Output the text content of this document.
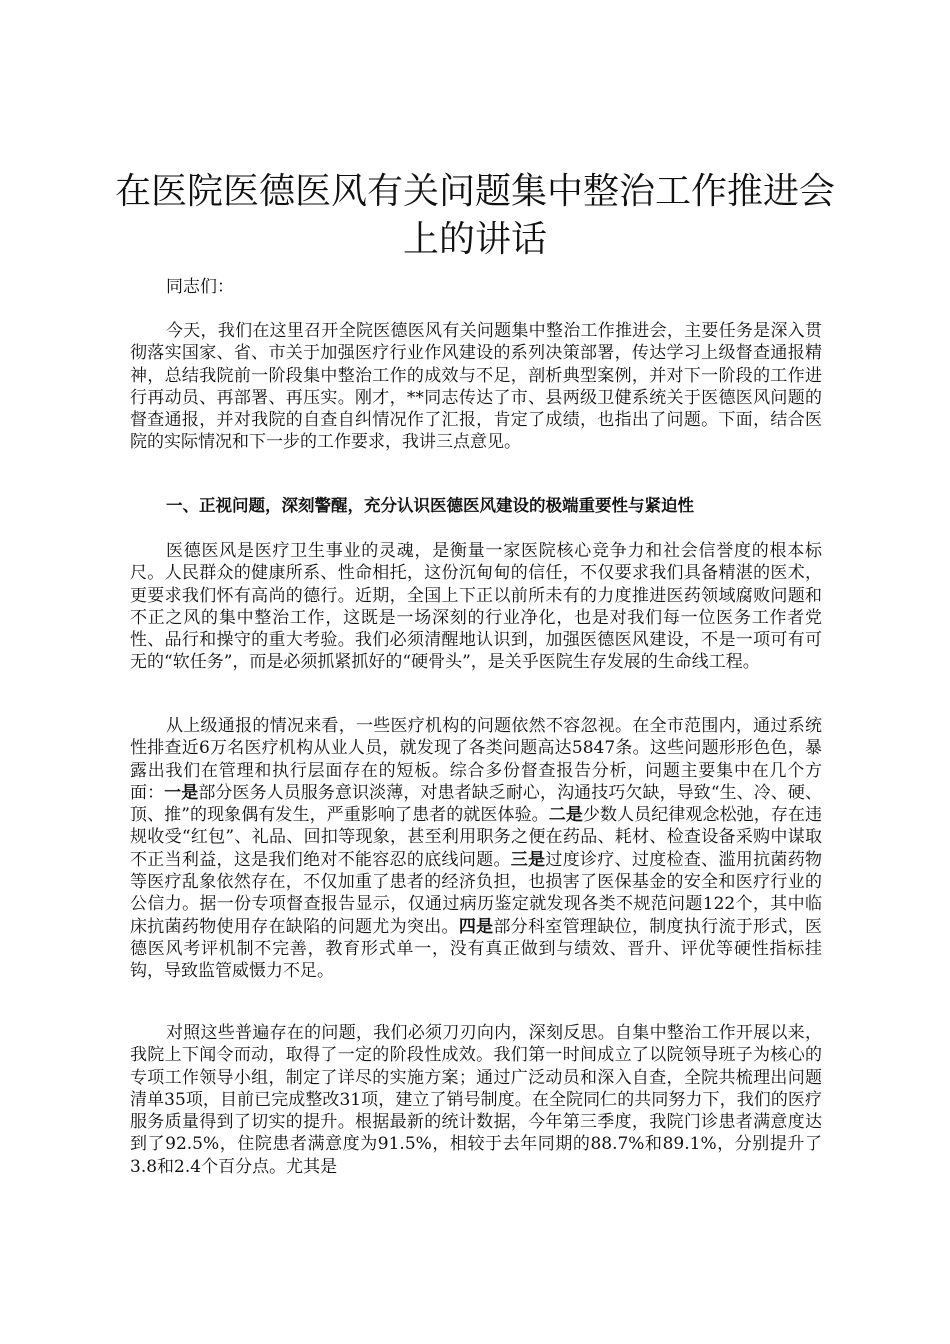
在医院医德医风有关问题集中整治工作推进会上的讲话

同志们：

今天，我们在这里召开全院医德医风有关问题集中整治工作推进会，主要任务是深入贯彻落实国家、省、市关于加强医疗行业作风建设的系列决策部署，传达学习上级督查通报精神，总结我院前一阶段集中整治工作的成效与不足，剖析典型案例，并对下一阶段的工作进行再动员、再部署、再压实。刚才，**同志传达了市、县两级卫健系统关于医德医风问题的督查通报，并对我院的自查自纠情况作了汇报，肯定了成绩，也指出了问题。下面，结合医院的实际情况和下一步的工作要求，我讲三点意见。

一、正视问题，深刻警醒，充分认识医德医风建设的极端重要性与紧迫性

医德医风是医疗卫生事业的灵魂，是衡量一家医院核心竞争力和社会信誉度的根本标尺。人民群众的健康所系、性命相托，这份沉甸甸的信任，不仅要求我们具备精湛的医术，更要求我们怀有高尚的德行。近期，全国上下正以前所未有的力度推进医药领域腐败问题和不正之风的集中整治工作，这既是一场深刻的行业净化，也是对我们每一位医务工作者党性、品行和操守的重大考验。我们必须清醒地认识到，加强医德医风建设，不是一项可有可无的“软任务”，而是必须抓紧抓好的“硬骨头”，是关乎医院生存发展的生命线工程。

从上级通报的情况来看，一些医疗机构的问题依然不容忽视。在全市范围内，通过系统性排查近6万名医疗机构从业人员，就发现了各类问题高达5847条。这些问题形形色色，暴露出我们在管理和执行层面存在的短板。综合多份督查报告分析，问题主要集中在几个方面：一是部分医务人员服务意识淡薄，对患者缺乏耐心，沟通技巧欠缺，导致“生、冷、硬、顶、推”的现象偶有发生，严重影响了患者的就医体验。二是少数人员纪律观念松弛，存在违规收受“红包”、礼品、回扣等现象，甚至利用职务之便在药品、耗材、检查设备采购中谋取不正当利益，这是我们绝对不能容忍的底线问题。三是过度诊疗、过度检查、滥用抗菌药物等医疗乱象依然存在，不仅加重了患者的经济负担，也损害了医保基金的安全和医疗行业的公信力。据一份专项督查报告显示，仅通过病历鉴定就发现各类不规范问题122个，其中临床抗菌药物使用存在缺陷的问题尤为突出。四是部分科室管理缺位，制度执行流于形式，医德医风考评机制不完善，教育形式单一，没有真正做到与绩效、晋升、评优等硬性指标挂钩，导致监管威慑力不足。

对照这些普遍存在的问题，我们必须刀刃向内，深刻反思。自集中整治工作开展以来，我院上下闻令而动，取得了一定的阶段性成效。我们第一时间成立了以院领导班子为核心的专项工作领导小组，制定了详尽的实施方案；通过广泛动员和深入自查，全院共梳理出问题清单35项，目前已完成整改31项，建立了销号制度。在全院同仁的共同努力下，我们的医疗服务质量得到了切实的提升。根据最新的统计数据，今年第三季度，我院门诊患者满意度达到了92.5%，住院患者满意度为91.5%，相较于去年同期的88.7%和89.1%，分别提升了3.8和2.4个百分点。尤其是
